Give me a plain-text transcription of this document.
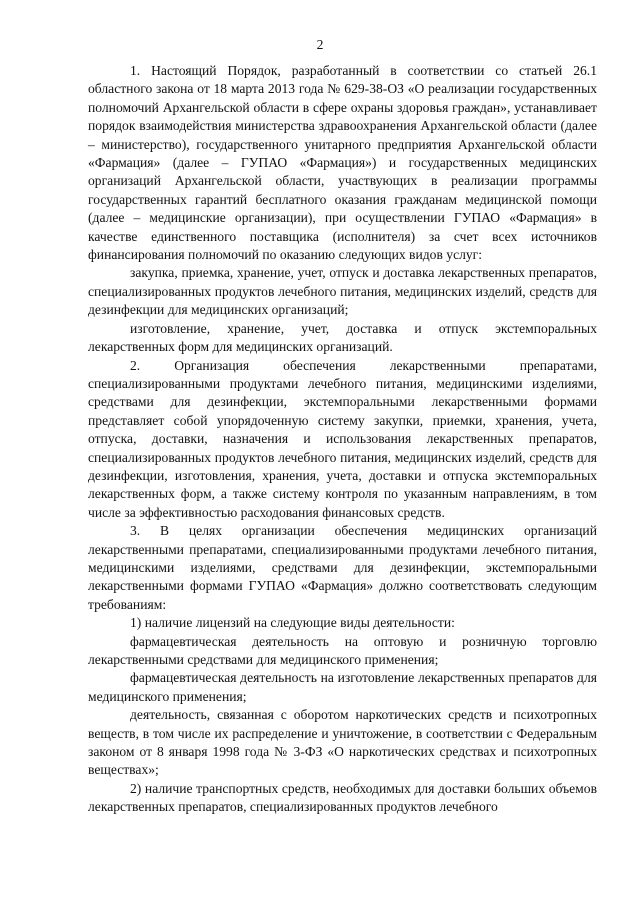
2

1. Настоящий Порядок, разработанный в соответствии со статьей 26.1 областного закона от 18 марта 2013 года № 629-38-ОЗ «О реализации государственных полномочий Архангельской области в сфере охраны здоровья граждан», устанавливает порядок взаимодействия министерства здравоохранения Архангельской области (далее – министерство), государственного унитарного предприятия Архангельской области «Фармация» (далее – ГУПАО «Фармация») и государственных медицинских организаций Архангельской области, участвующих в реализации программы государственных гарантий бесплатного оказания гражданам медицинской помощи (далее – медицинские организации), при осуществлении ГУПАО «Фармация» в качестве единственного поставщика (исполнителя) за счет всех источников финансирования полномочий по оказанию следующих видов услуг:

закупка, приемка, хранение, учет, отпуск и доставка лекарственных препаратов, специализированных продуктов лечебного питания, медицинских изделий, средств для дезинфекции для медицинских организаций;

изготовление, хранение, учет, доставка и отпуск экстемпоральных лекарственных форм для медицинских организаций.

2. Организация обеспечения лекарственными препаратами, специализированными продуктами лечебного питания, медицинскими изделиями, средствами для дезинфекции, экстемпоральными лекарственными формами представляет собой упорядоченную систему закупки, приемки, хранения, учета, отпуска, доставки, назначения и использования лекарственных препаратов, специализированных продуктов лечебного питания, медицинских изделий, средств для дезинфекции, изготовления, хранения, учета, доставки и отпуска экстемпоральных лекарственных форм, а также систему контроля по указанным направлениям, в том числе за эффективностью расходования финансовых средств.

3. В целях организации обеспечения медицинских организаций лекарственными препаратами, специализированными продуктами лечебного питания, медицинскими изделиями, средствами для дезинфекции, экстемпоральными лекарственными формами ГУПАО «Фармация» должно соответствовать следующим требованиям:

1) наличие лицензий на следующие виды деятельности:

фармацевтическая деятельность на оптовую и розничную торговлю лекарственными средствами для медицинского применения;

фармацевтическая деятельность на изготовление лекарственных препаратов для медицинского применения;

деятельность, связанная с оборотом наркотических средств и психотропных веществ, в том числе их распределение и уничтожение, в соответствии с Федеральным законом от 8 января 1998 года № 3-ФЗ «О наркотических средствах и психотропных веществах»;

2) наличие транспортных средств, необходимых для доставки больших объемов лекарственных препаратов, специализированных продуктов лечебного
